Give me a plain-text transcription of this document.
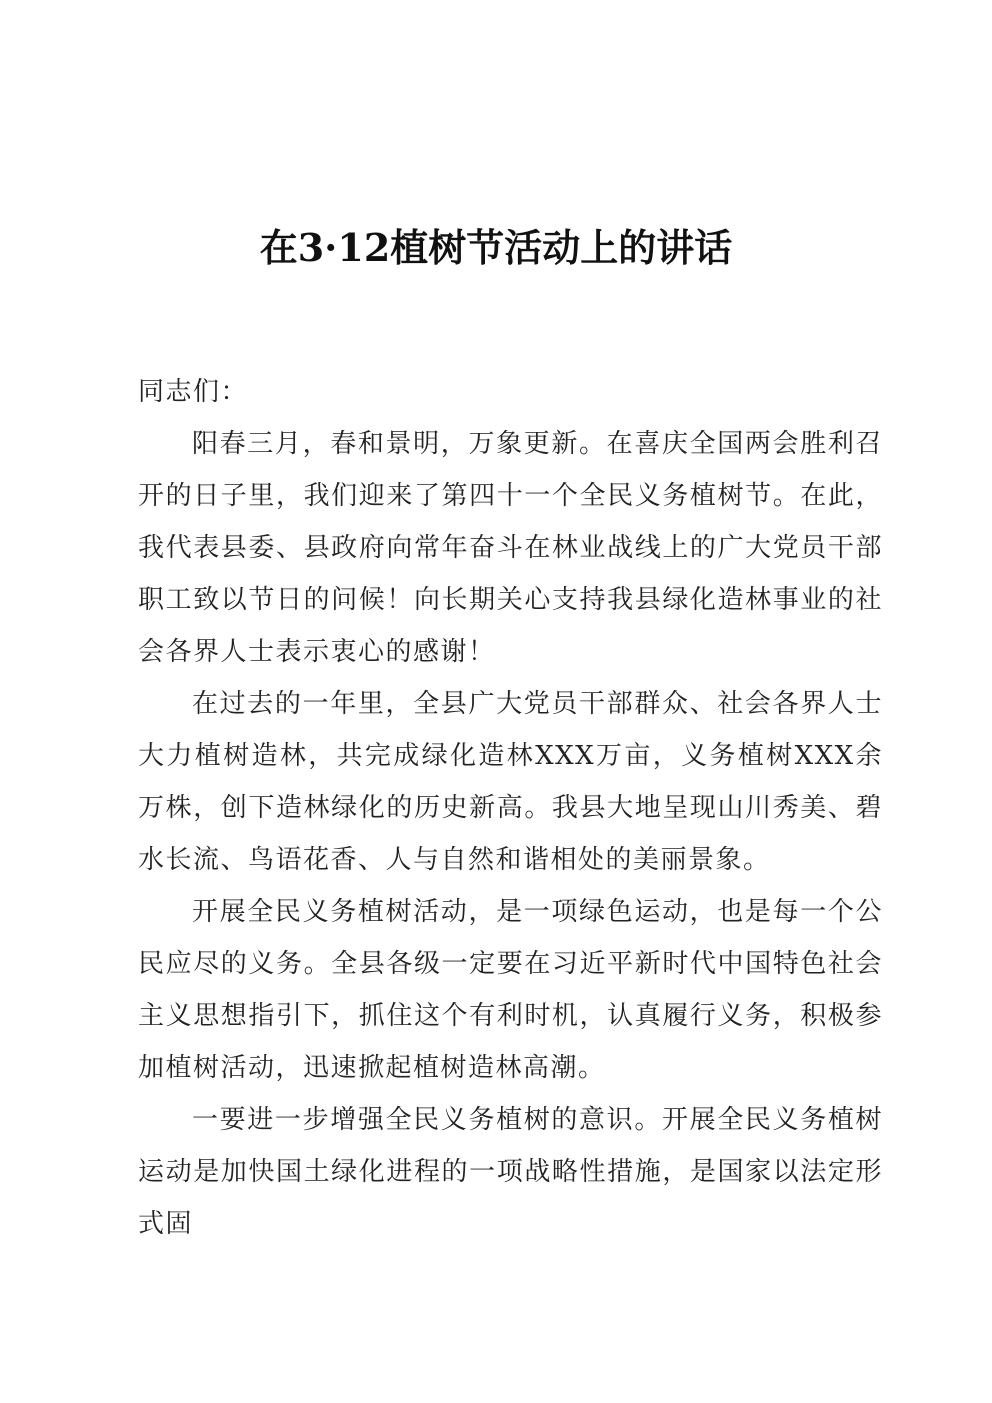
在3·12植树节活动上的讲话

同志们：

阳春三月，春和景明，万象更新。在喜庆全国两会胜利召开的日子里，我们迎来了第四十一个全民义务植树节。在此，我代表县委、县政府向常年奋斗在林业战线上的广大党员干部职工致以节日的问候！向长期关心支持我县绿化造林事业的社会各界人士表示衷心的感谢！

在过去的一年里，全县广大党员干部群众、社会各界人士大力植树造林，共完成绿化造林XXX万亩，义务植树XXX余万株，创下造林绿化的历史新高。我县大地呈现山川秀美、碧水长流、鸟语花香、人与自然和谐相处的美丽景象。

开展全民义务植树活动，是一项绿色运动，也是每一个公民应尽的义务。全县各级一定要在习近平新时代中国特色社会主义思想指引下，抓住这个有利时机，认真履行义务，积极参加植树活动，迅速掀起植树造林高潮。

一要进一步增强全民义务植树的意识。开展全民义务植树运动是加快国土绿化进程的一项战略性措施，是国家以法定形式固
